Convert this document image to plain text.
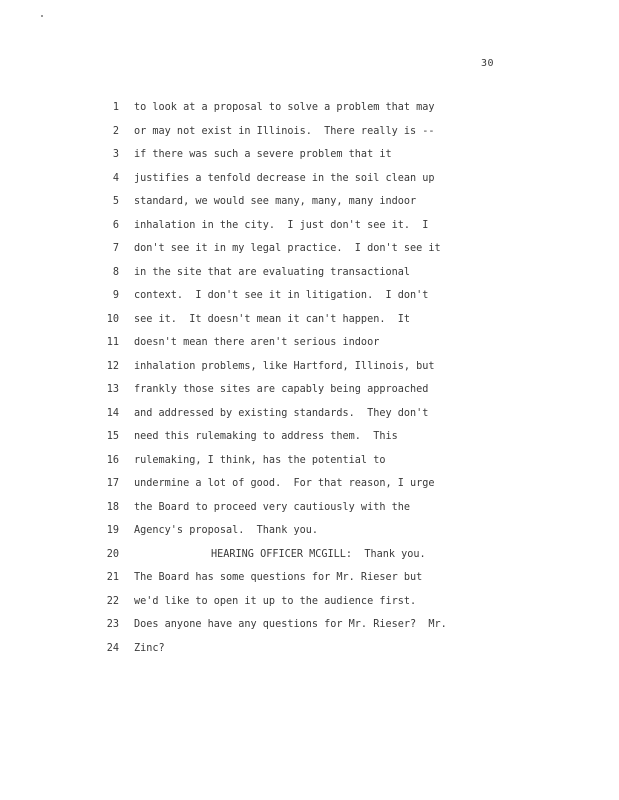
30
1 to look at a proposal to solve a problem that may
2 or may not exist in Illinois.  There really is --
3 if there was such a severe problem that it
4 justifies a tenfold decrease in the soil clean up
5 standard, we would see many, many, many indoor
6 inhalation in the city.  I just don't see it.  I
7 don't see it in my legal practice.  I don't see it
8 in the site that are evaluating transactional
9 context.  I don't see it in litigation.  I don't
10 see it.  It doesn't mean it can't happen.  It
11 doesn't mean there aren't serious indoor
12 inhalation problems, like Hartford, Illinois, but
13 frankly those sites are capably being approached
14 and addressed by existing standards.  They don't
15 need this rulemaking to address them.  This
16 rulemaking, I think, has the potential to
17 undermine a lot of good.  For that reason, I urge
18 the Board to proceed very cautiously with the
19 Agency's proposal.  Thank you.
20	HEARING OFFICER MCGILL:  Thank you.
21 The Board has some questions for Mr. Rieser but
22 we'd like to open it up to the audience first.
23 Does anyone have any questions for Mr. Rieser?  Mr.
24 Zinc?
